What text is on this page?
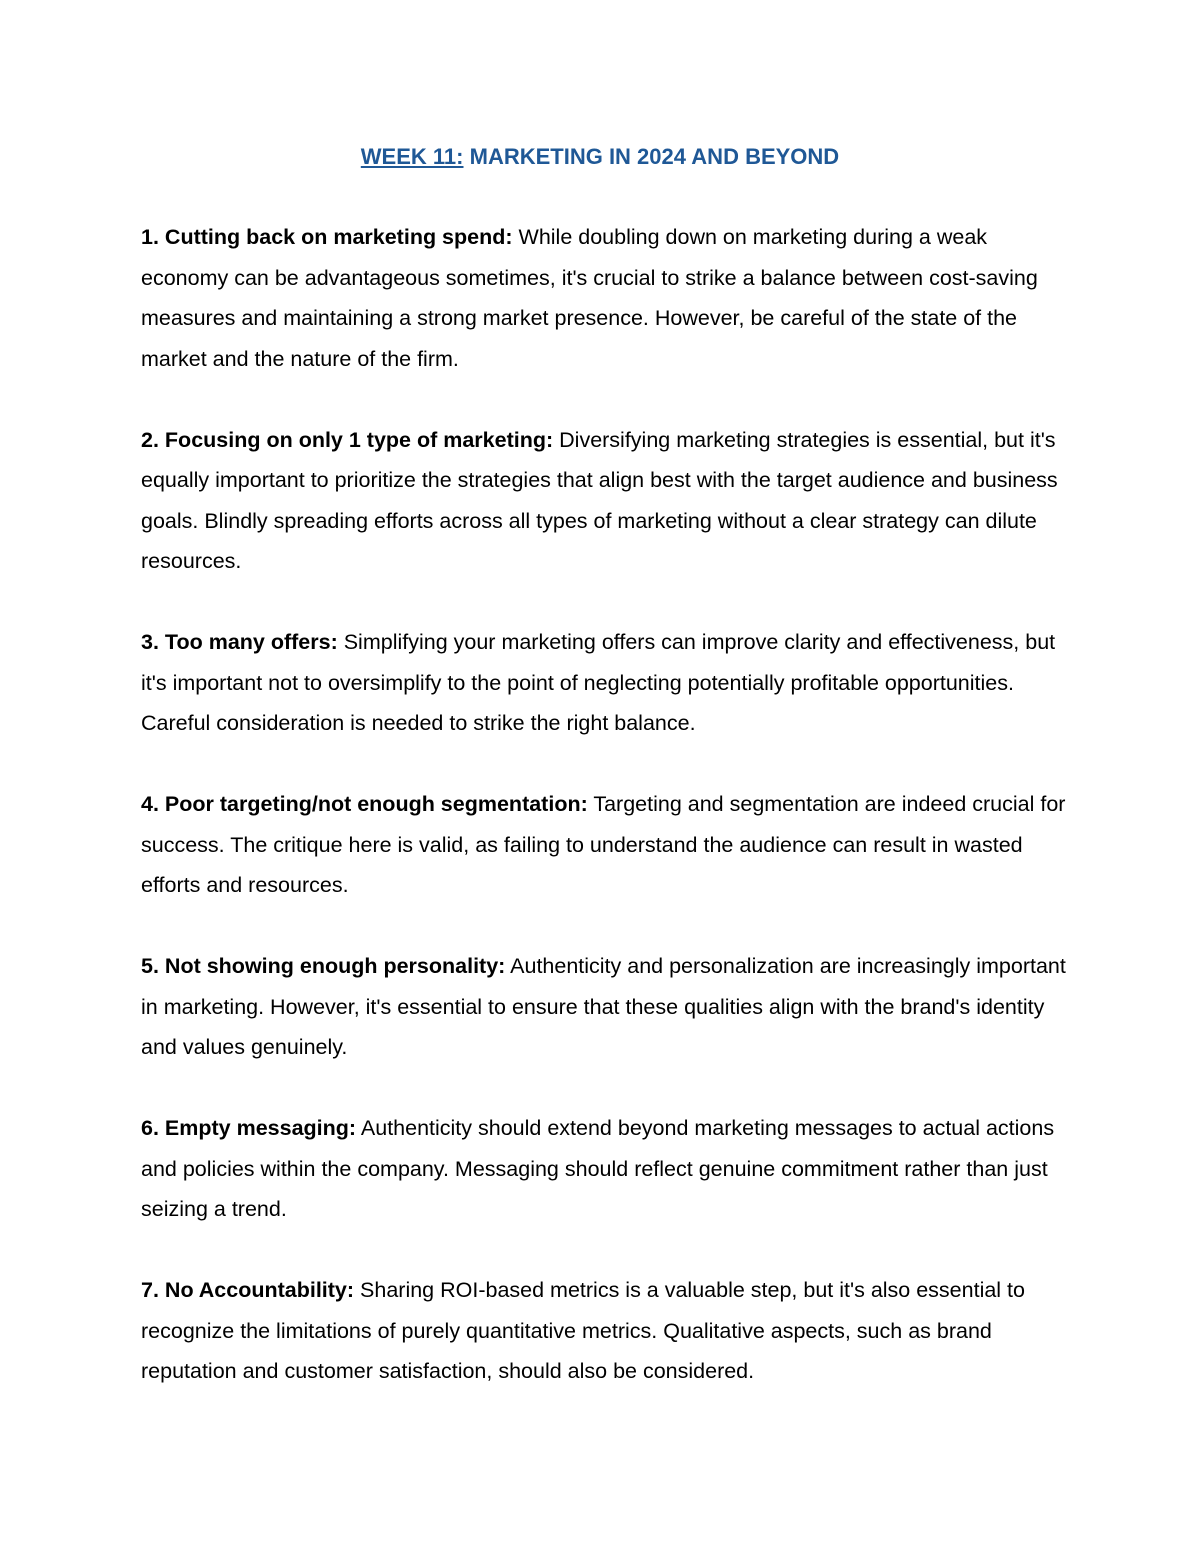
WEEK 11: MARKETING IN 2024 AND BEYOND

1. Cutting back on marketing spend: While doubling down on marketing during a weak economy can be advantageous sometimes, it's crucial to strike a balance between cost-saving measures and maintaining a strong market presence. However, be careful of the state of the market and the nature of the firm.

2. Focusing on only 1 type of marketing: Diversifying marketing strategies is essential, but it's equally important to prioritize the strategies that align best with the target audience and business goals. Blindly spreading efforts across all types of marketing without a clear strategy can dilute resources.

3. Too many offers: Simplifying your marketing offers can improve clarity and effectiveness, but it's important not to oversimplify to the point of neglecting potentially profitable opportunities. Careful consideration is needed to strike the right balance.

4. Poor targeting/not enough segmentation: Targeting and segmentation are indeed crucial for success. The critique here is valid, as failing to understand the audience can result in wasted efforts and resources.

5. Not showing enough personality: Authenticity and personalization are increasingly important in marketing. However, it's essential to ensure that these qualities align with the brand's identity and values genuinely.

6. Empty messaging: Authenticity should extend beyond marketing messages to actual actions and policies within the company. Messaging should reflect genuine commitment rather than just seizing a trend.

7. No Accountability: Sharing ROI-based metrics is a valuable step, but it's also essential to recognize the limitations of purely quantitative metrics. Qualitative aspects, such as brand reputation and customer satisfaction, should also be considered.
